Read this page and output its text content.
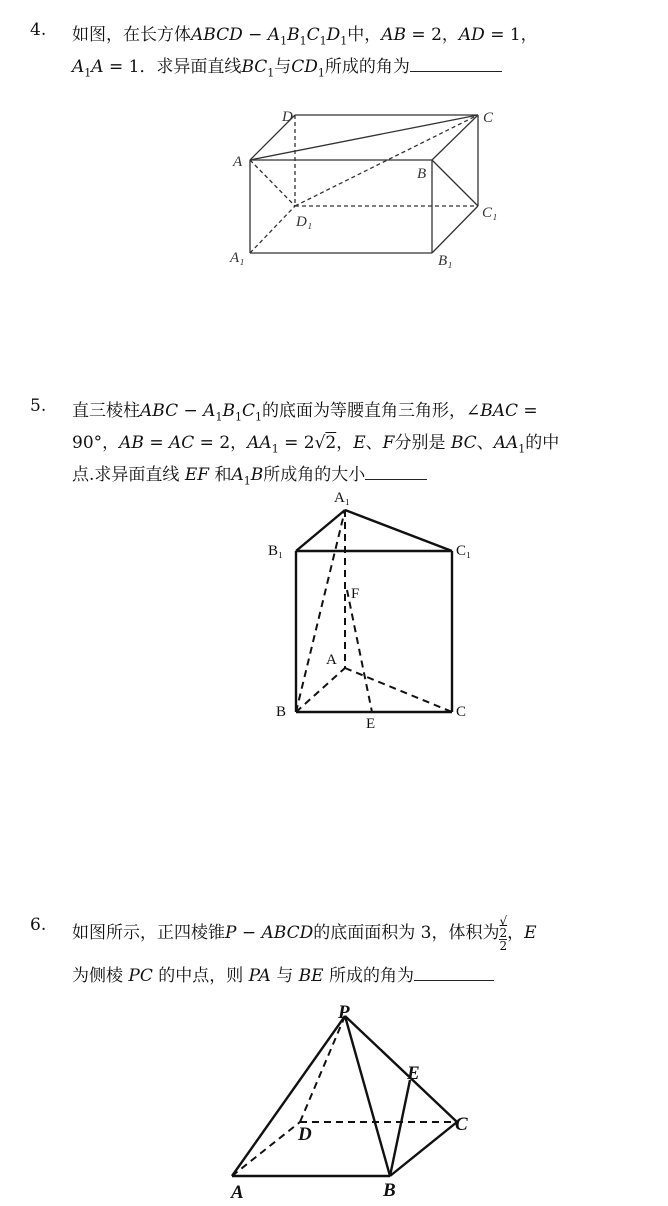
4. 如图，在长方体ABCD − $A_1B_1C_1D_1$中，AB = 2，AD = 1，
$A_1A = 1$．求异面直线$BC_1$与$CD_1$所成的角为
D	C
A
B
D₁
C₁
A₁	B₁
A₁
B₁	C₁
F
A
B
E
C
P
E
D	C
A	B
5. 直三棱柱ABC − $A_1B_1C_1$的底面为等腰直角三角形，∠BAC =
90°，AB = AC = 2，$AA_1 = 2√2$，E、F分别是 BC、$AA_1$的中
点.求异面直线 EF 和$A_1B$所成角的大小
6. 如图所示，正四棱锥P − ABCD的底面面积为 3，体积为 √
2
2 ，E
为侧棱 PC 的中点，则 PA 与 BE 所成的角为
